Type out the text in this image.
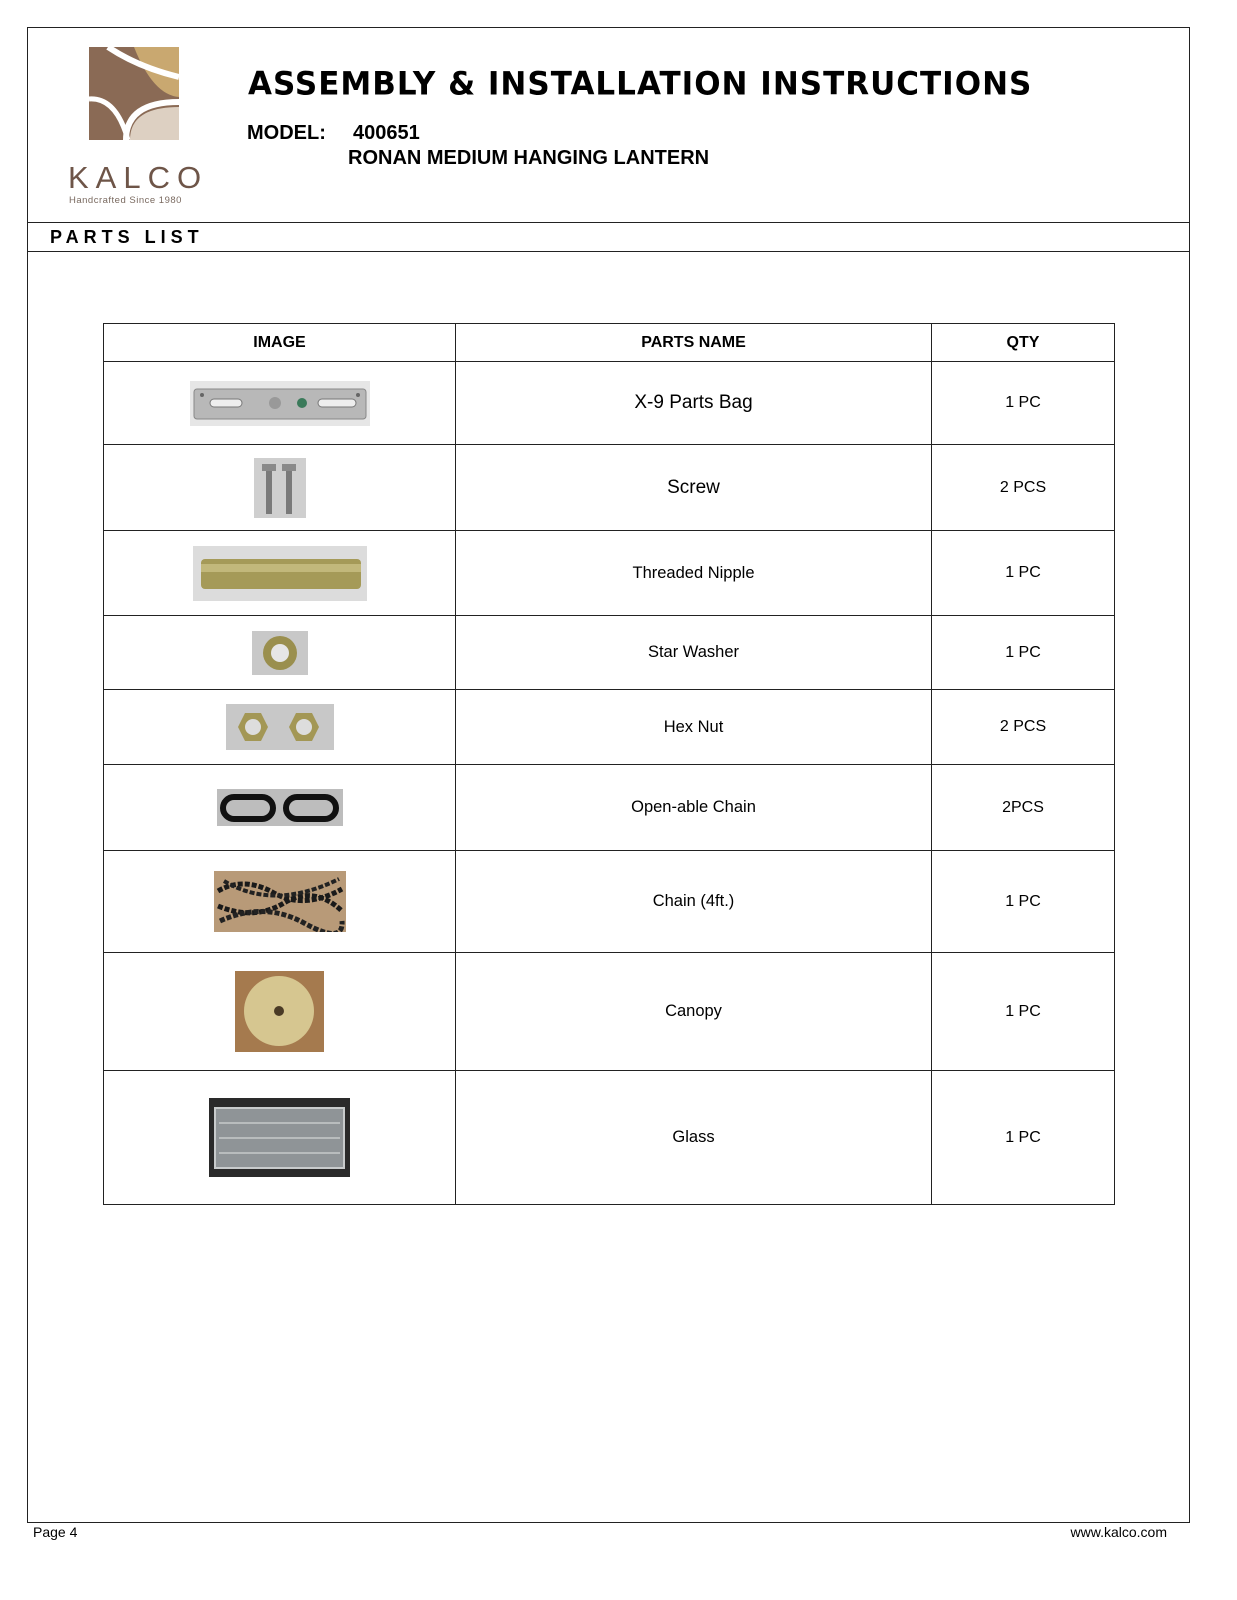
KALCO
Handcrafted Since 1980
ASSEMBLY & INSTALLATION INSTRUCTIONS
MODEL: 400651
RONAN MEDIUM HANGING LANTERN
PARTS LIST
IMAGE	PARTS NAME	QTY
	X-9 Parts Bag	1 PC
	Screw	2 PCS
	Threaded Nipple	1 PC
	Star Washer	1 PC
	Hex Nut	2 PCS
	Open-able Chain	2PCS
	Chain (4ft.)	1 PC
	Canopy	1 PC
	Glass	1 PC
Page 4	www.kalco.com
